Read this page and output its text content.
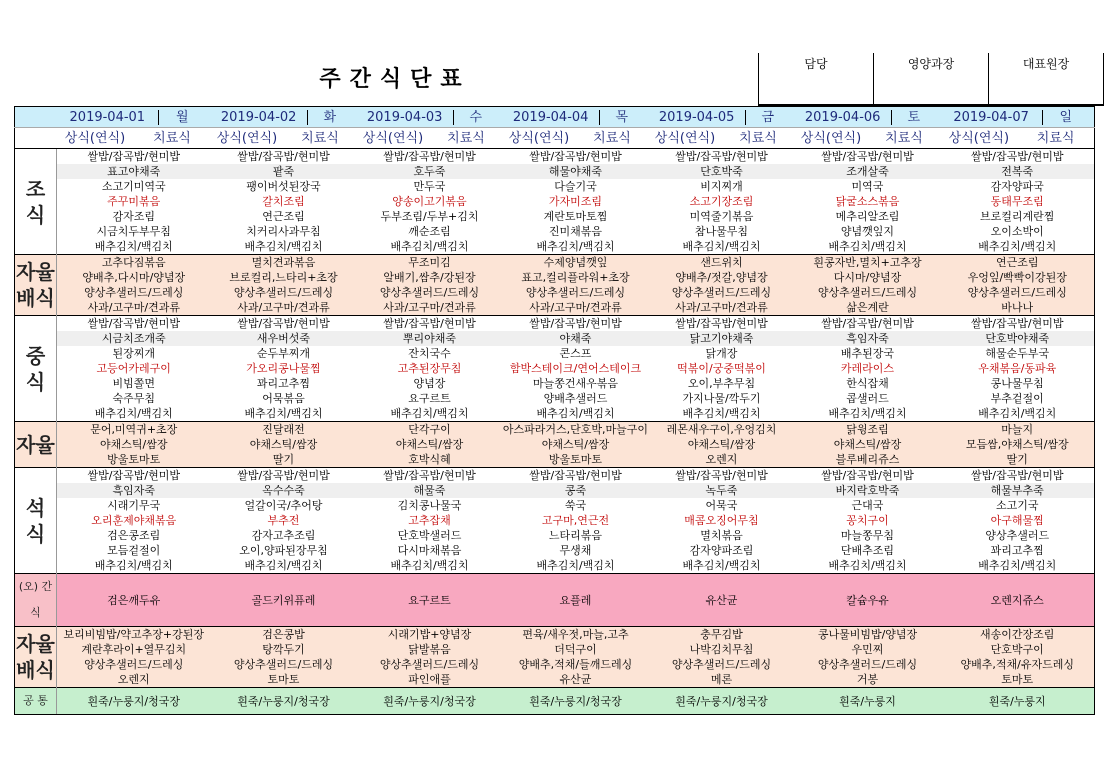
주간식단표
담당	영양과장	대표원장

	2019-04-01 월	2019-04-02 화	2019-04-03 수	2019-04-04 목	2019-04-05 금	2019-04-06 토	2019-04-07 일
	상식(연식) 치료식	상식(연식) 치료식	상식(연식) 치료식	상식(연식) 치료식	상식(연식) 치료식	상식(연식) 치료식	상식(연식) 치료식
조 식	쌀밥/잡곡밥/현미밥	쌀밥/잡곡밥/현미밥	쌀밥/잡곡밥/현미밥	쌀밥/잡곡밥/현미밥	쌀밥/잡곡밥/현미밥	쌀밥/잡곡밥/현미밥	쌀밥/잡곡밥/현미밥
	표고야채죽	팥죽	호두죽	해물야채죽	단호박죽	조개살죽	전복죽
	소고기미역국	팽이버섯된장국	만두국	다슬기국	비지찌개	미역국	감자양파국
	주꾸미볶음	갈치조림	양송이고기볶음	가자미조림	소고기장조림	닭굴소스볶음	동태무조림
	감자조림	연근조림	두부조림/두부+김치	계란토마토찜	미역줄기볶음	메추리알조림	브로컬리계란찜
	시금치두부무침	치커리사과무침	깨순조림	진미채볶음	참나물무침	양념깻잎지	오이소박이
	배추김치/백김치	배추김치/백김치	배추김치/백김치	배추김치/백김치	배추김치/백김치	배추김치/백김치	배추김치/백김치
자율 배식	고추다짐볶음	멸치견과볶음	무조미김	수제양념깻잎	샌드위치	흰콩자반,멸치+고추장	연근조림
	양배추,다시마/양념장	브로컬리,느타리+초장	알배기,쌈추/강된장	표고,컬리플라워+초장	양배추/젓갈,양념장	다시마/양념장	우엉잎/빡빡이강된장
	양상추샐러드/드레싱	양상추샐러드/드레싱	양상추샐러드/드레싱	양상추샐러드/드레싱	양상추샐러드/드레싱	양상추샐러드/드레싱	양상추샐러드/드레싱
	사과/고구마/견과류	사과/고구마/견과류	사과/고구마/견과류	사과/고구마/견과류	사과/고구마/견과류	삶은계란	바나나
중 식	쌀밥/잡곡밥/현미밥	쌀밥/잡곡밥/현미밥	쌀밥/잡곡밥/현미밥	쌀밥/잡곡밥/현미밥	쌀밥/잡곡밥/현미밥	쌀밥/잡곡밥/현미밥	쌀밥/잡곡밥/현미밥
	시금치조개죽	새우버섯죽	뿌리야채죽	야채죽	닭고기야채죽	흑임자죽	단호박야채죽
	된장찌개	순두부찌개	잔치국수	콘스프	닭개장	배추된장국	해물순두부국
	고등어카레구이	가오리콩나물찜	고추된장무침	함박스테이크/연어스테이크	떡볶이/궁중떡볶이	카레라이스	우채볶음/동파육
	비빔쫄면	꽈리고추찜	양념장	마늘쫑건새우볶음	오이,부추무침	한식잡채	콩나물무침
	숙주무침	어묵볶음	요구르트	양배추샐러드	가지나물/깍두기	콥샐러드	부추겉절이
	배추김치/백김치	배추김치/백김치	배추김치/백김치	배추김치/백김치	배추김치/백김치	배추김치/백김치	배추김치/백김치
자율	문어,미역귀+초장	진달래전	단각구이	아스파라거스,단호박,마늘구이	레몬새우구이,우엉김치	닭윙조림	마늘지
	야채스틱/쌈장	야채스틱/쌈장	야채스틱/쌈장	야채스틱/쌈장	야채스틱/쌈장	야채스틱/쌈장	모듬쌈,야채스틱/쌈장
	방울토마토	딸기	호박식혜	방울토마토	오렌지	블루베리쥬스	딸기
석 식	쌀밥/잡곡밥/현미밥	쌀밥/잡곡밥/현미밥	쌀밥/잡곡밥/현미밥	쌀밥/잡곡밥/현미밥	쌀밥/잡곡밥/현미밥	쌀밥/잡곡밥/현미밥	쌀밥/잡곡밥/현미밥
	흑임자죽	옥수수죽	해물죽	콩죽	녹두죽	바지락호박죽	해물부추죽
	시래기무국	얼갈이국/추어탕	김치콩나물국	쑥국	어묵국	근대국	소고기국
	오리훈제야채볶음	부추전	고추잡채	고구마,연근전	매콤오징어무침	꽁치구이	아구해물찜
	검은콩조림	감자고추조림	단호박샐러드	느타리볶음	멸치볶음	마늘쫑무침	양상추샐러드
	모듬겉절이	오이,양파된장무침	다시마채볶음	무생채	감자양파조림	단배추조림	꽈리고추찜
	배추김치/백김치	배추김치/백김치	배추김치/백김치	배추김치/백김치	배추김치/백김치	배추김치/백김치	배추김치/백김치
(오) 간식	검은깨두유	골드키위퓨레	요구르트	요플레	유산균	칼슘우유	오렌지쥬스
자율 배식	보리비빔밥/약고추장+강된장	검은콩밥	시래기밥+양념장	편육/새우젓,마늘,고추	충무김밥	콩나물비빔밥/양념장	새송이간장조림
	계란후라이+열무김치	탕깍두기	닭발볶음	더덕구이	나박김치무침	우민찌	단호박구이
	양상추샐러드/드레싱	양상추샐러드/드레싱	양상추샐러드/드레싱	양배추,적채/들깨드레싱	양상추샐러드/드레싱	양상추샐러드/드레싱	양배추,적채/유자드레싱
	오렌지	토마토	파인애플	유산균	메론	거봉	토마토
공 통	흰죽/누룽지/청국장	흰죽/누룽지/청국장	흰죽/누룽지/청국장	흰죽/누룽지/청국장	흰죽/누룽지/청국장	흰죽/누룽지	흰죽/누룽지
